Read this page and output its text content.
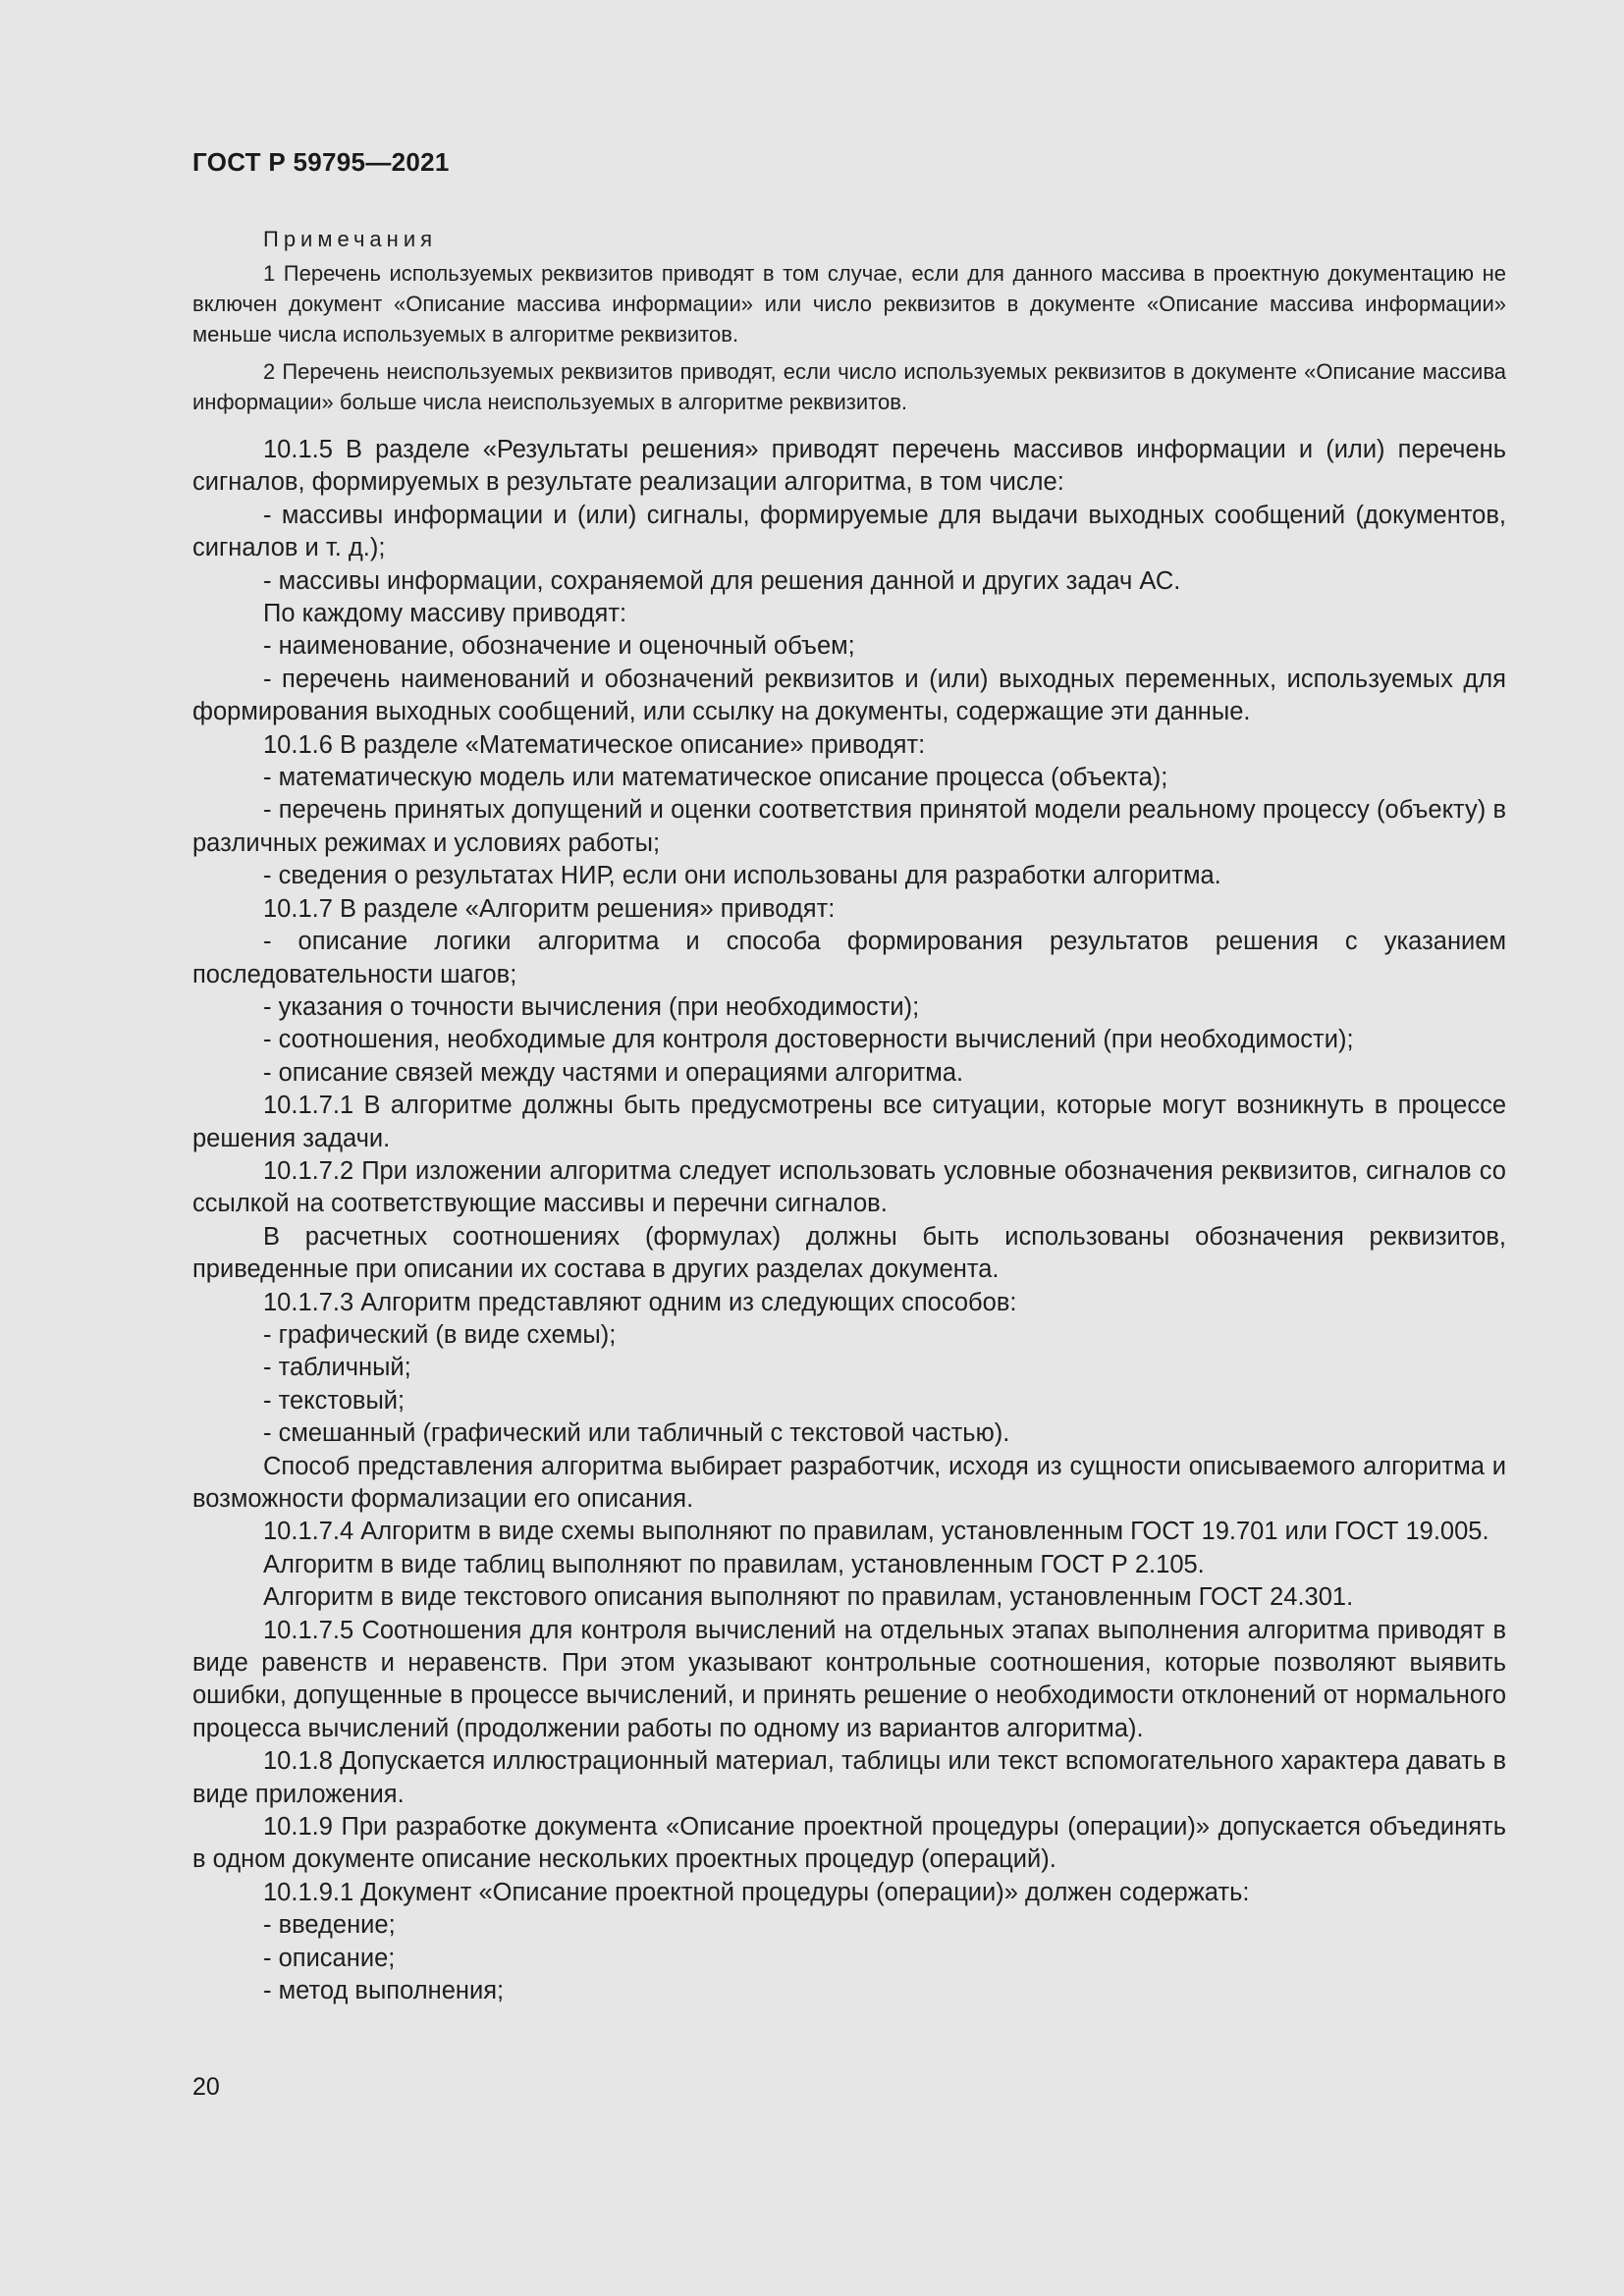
ГОСТ Р 59795—2021
Примечания
1 Перечень используемых реквизитов приводят в том случае, если для данного массива в проектную документацию не включен документ «Описание массива информации» или число реквизитов в документе «Описание массива информации» меньше числа используемых в алгоритме реквизитов.
2 Перечень неиспользуемых реквизитов приводят, если число используемых реквизитов в документе «Описание массива информации» больше числа неиспользуемых в алгоритме реквизитов.

10.1.5 В разделе «Результаты решения» приводят перечень массивов информации и (или) перечень сигналов, формируемых в результате реализации алгоритма, в том числе:

- массивы информации и (или) сигналы, формируемые для выдачи выходных сообщений (документов, сигналов и т. д.);

- массивы информации, сохраняемой для решения данной и других задач АС.

По каждому массиву приводят:

- наименование, обозначение и оценочный объем;

- перечень наименований и обозначений реквизитов и (или) выходных переменных, используемых для формирования выходных сообщений, или ссылку на документы, содержащие эти данные.

10.1.6 В разделе «Математическое описание» приводят:

- математическую модель или математическое описание процесса (объекта);

- перечень принятых допущений и оценки соответствия принятой модели реальному процессу (объекту) в различных режимах и условиях работы;

- сведения о результатах НИР, если они использованы для разработки алгоритма.

10.1.7 В разделе «Алгоритм решения» приводят:

- описание логики алгоритма и способа формирования результатов решения с указанием последовательности шагов;

- указания о точности вычисления (при необходимости);

- соотношения, необходимые для контроля достоверности вычислений (при необходимости);

- описание связей между частями и операциями алгоритма.

10.1.7.1 В алгоритме должны быть предусмотрены все ситуации, которые могут возникнуть в процессе решения задачи.

10.1.7.2 При изложении алгоритма следует использовать условные обозначения реквизитов, сигналов со ссылкой на соответствующие массивы и перечни сигналов.

В расчетных соотношениях (формулах) должны быть использованы обозначения реквизитов, приведенные при описании их состава в других разделах документа.

10.1.7.3 Алгоритм представляют одним из следующих способов:

- графический (в виде схемы);

- табличный;

- текстовый;

- смешанный (графический или табличный с текстовой частью).

Способ представления алгоритма выбирает разработчик, исходя из сущности описываемого алгоритма и возможности формализации его описания.

10.1.7.4 Алгоритм в виде схемы выполняют по правилам, установленным ГОСТ 19.701 или ГОСТ 19.005.

Алгоритм в виде таблиц выполняют по правилам, установленным ГОСТ Р 2.105.

Алгоритм в виде текстового описания выполняют по правилам, установленным ГОСТ 24.301.

10.1.7.5 Соотношения для контроля вычислений на отдельных этапах выполнения алгоритма приводят в виде равенств и неравенств. При этом указывают контрольные соотношения, которые позволяют выявить ошибки, допущенные в процессе вычислений, и принять решение о необходимости отклонений от нормального процесса вычислений (продолжении работы по одному из вариантов алгоритма).

10.1.8 Допускается иллюстрационный материал, таблицы или текст вспомогательного характера давать в виде приложения.

10.1.9 При разработке документа «Описание проектной процедуры (операции)» допускается объединять в одном документе описание нескольких проектных процедур (операций).

10.1.9.1 Документ «Описание проектной процедуры (операции)» должен содержать:

- введение;

- описание;

- метод выполнения;

20
